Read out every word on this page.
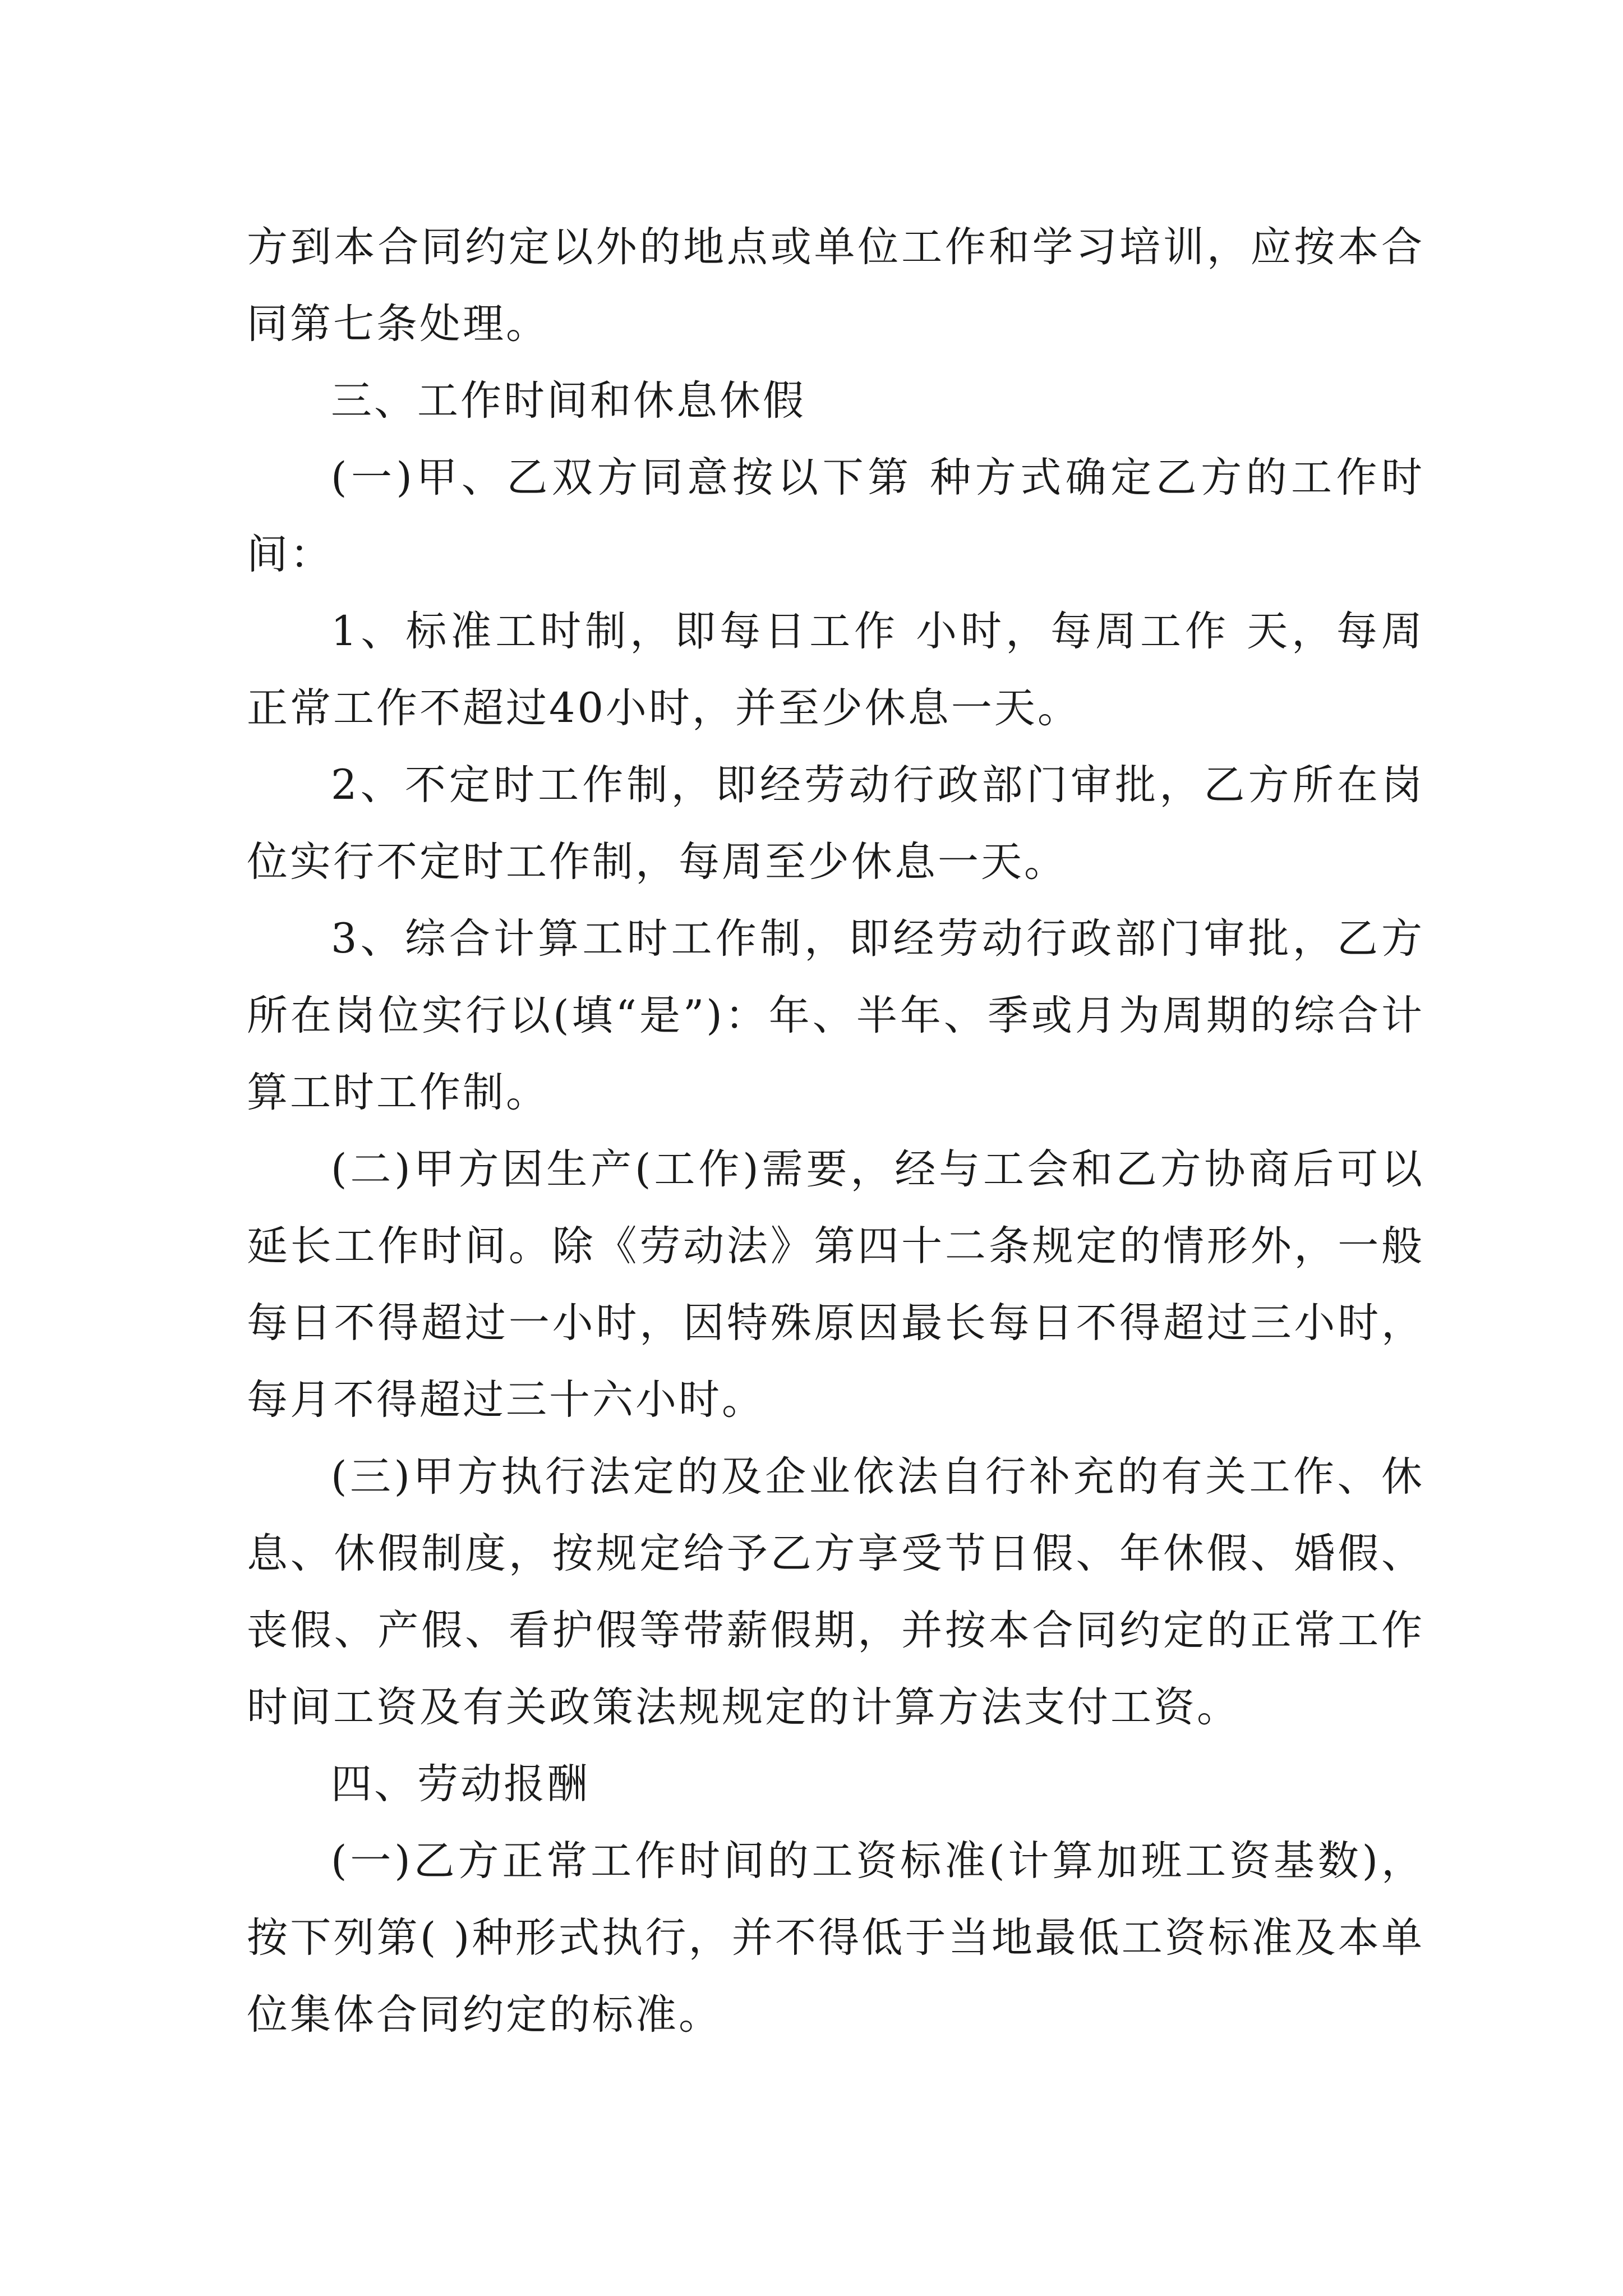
方到本合同约定以外的地点或单位工作和学习培训，应按本合同第七条处理。

三、工作时间和休息休假

(一)甲、乙双方同意按以下第 种方式确定乙方的工作时间：

1、标准工时制，即每日工作 小时，每周工作 天，每周正常工作不超过40小时，并至少休息一天。

2、不定时工作制，即经劳动行政部门审批，乙方所在岗位实行不定时工作制，每周至少休息一天。

3、综合计算工时工作制，即经劳动行政部门审批，乙方所在岗位实行以(填“是”)：年、半年、季或月为周期的综合计算工时工作制。

(二)甲方因生产(工作)需要，经与工会和乙方协商后可以延长工作时间。除《劳动法》第四十二条规定的情形外，一般每日不得超过一小时，因特殊原因最长每日不得超过三小时，每月不得超过三十六小时。

(三)甲方执行法定的及企业依法自行补充的有关工作、休息、休假制度，按规定给予乙方享受节日假、年休假、婚假、丧假、产假、看护假等带薪假期，并按本合同约定的正常工作时间工资及有关政策法规规定的计算方法支付工资。

四、劳动报酬

(一)乙方正常工作时间的工资标准(计算加班工资基数)，按下列第( )种形式执行，并不得低于当地最低工资标准及本单位集体合同约定的标准。
